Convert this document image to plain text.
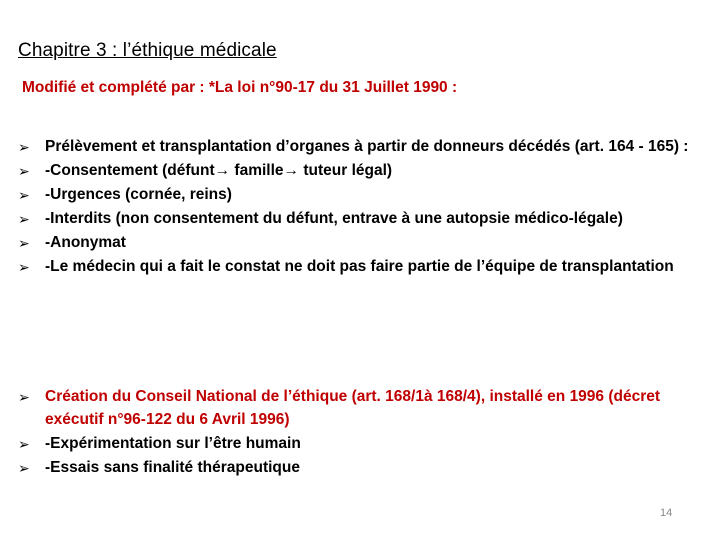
Chapitre 3 : l’éthique médicale
Modifié et complété par : *La loi n°90-17 du 31 Juillet 1990 :
➢ Prélèvement et transplantation d’organes à partir de donneurs décédés (art. 164 - 165) :
➢ -Consentement (défunt→ famille→ tuteur légal)
➢ -Urgences (cornée, reins)
➢ -Interdits (non consentement du défunt, entrave à une autopsie médico-légale)
➢ -Anonymat
➢ -Le médecin qui a fait le constat ne doit pas faire partie de l’équipe de transplantation
➢ Création du Conseil National de l’éthique (art. 168/1à 168/4), installé en 1996 (décret exécutif n°96-122 du 6 Avril 1996)
➢ -Expérimentation sur l’être humain
➢ -Essais sans finalité thérapeutique
14
